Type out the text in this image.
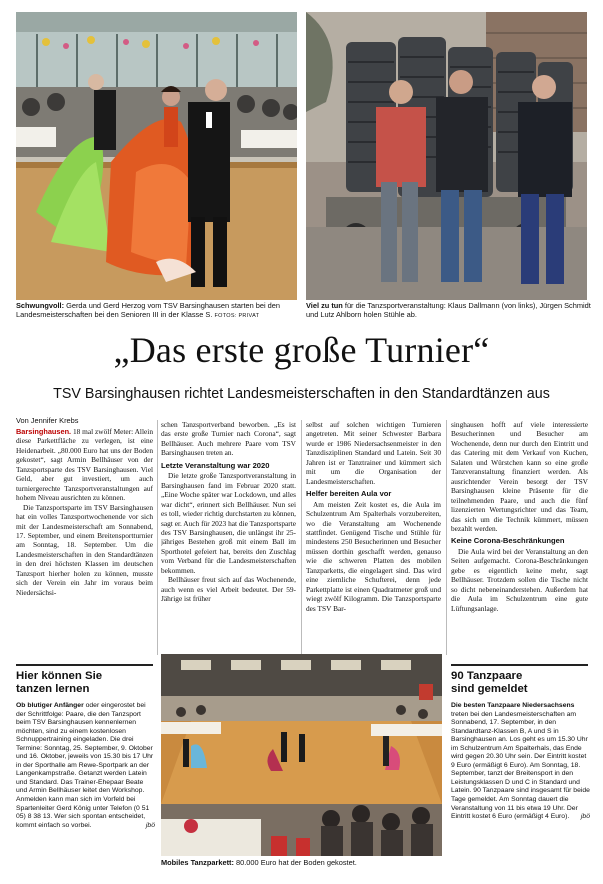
Schwungvoll: Gerda und Gerd Herzog vom TSV Barsinghausen starten bei den Landesmeisterschaften bei den Senioren III in der Klasse S. FOTOS: PRIVAT
Viel zu tun für die Tanzsportveranstaltung: Klaus Dallmann (von links), Jürgen Schmidt und Lutz Ahlborn holen Stühle ab.
„Das erste große Turnier“
TSV Barsinghausen richtet Landesmeisterschaften in den Standardtänzen aus
Von Jennifer Krebs

Barsinghausen. 18 mal zwölf Meter: Allein diese Parkettfläche zu verlegen, ist eine Heidenarbeit. „80.000 Euro hat uns der Boden gekostet“, sagt Armin Bellhäuser von der Tanzsportsparte des TSV Barsinghausen. Viel Geld, aber gut investiert, um auch turniergerechte Tanzsportveranstaltungen auf hohem Niveau ausrichten zu können.

Die Tanzsportsparte im TSV Barsinghausen hat ein volles Tanzsportwochenende vor sich mit der Landesmeisterschaft am Sonnabend, 17. September, und einem Breitensportturnier am Sonntag, 18. September. Um die Landesmeisterschaften in den Standardtänzen in den drei höchsten Klassen im deutschen Tanzsport hierher holen zu können, musste sich der Verein ein Jahr im voraus beim Niedersächsi-

schen Tanzsportverband beworben. „Es ist das erste große Turnier nach Corona“, sagt Bellhäuser. Auch mehrere Paare vom TSV Barsinghausen treten an.

Letzte Veranstaltung war 2020

Die letzte große Tanzsportveranstaltung in Barsinghausen fand im Februar 2020 statt. „Eine Woche später war Lockdown, und alles war dicht“, erinnert sich Bellhäuser. Nun sei es toll, wieder richtig durchstarten zu können, sagt er. Auch für 2023 hat die Tanzsportsparte des TSV Barsinghausen, die unlängst ihr 25-jähriges Bestehen groß mit einem Ball im Sporthotel gefeiert hat, bereits den Zuschlag vom Verband für die Landesmeisterschaften bekommen.

Bellhäuser freut sich auf das Wochenende, auch wenn es viel Arbeit bedeutet. Der 59-Jährige ist früher

selbst auf solchen wichtigen Turnieren angetreten. Mit seiner Schwester Barbara wurde er 1986 Niedersachsenmeister in den Tanzdisziplinen Standard und Latein. Seit 30 Jahren ist er Tanztrainer und kümmert sich mit um die Organisation der Landesmeisterschaften.

Helfer bereiten Aula vor

Am meisten Zeit kostet es, die Aula im Schulzentrum Am Spalterhals vorzubereiten, wo die Veranstaltung am Wochenende stattfindet. Genügend Tische und Stühle für mindestens 250 Besucherinnen und Besucher müssen dorthin geschafft werden, genauso wie die schweren Platten des mobilen Tanzparketts, die eingelagert sind. Das wird eine ziemliche Schufterei, denn jede Parkettplatte ist einen Quadratmeter groß und wiegt zwölf Kilogramm. Die Tanzsportsparte des TSV Bar-

singhausen hofft auf viele interessierte Besucherinnen und Besucher am Wochenende, denn nur durch den Eintritt und das Catering mit dem Verkauf von Kuchen, Salaten und Würstchen kann so eine große Tanzveranstaltung finanziert werden. Als ausrichtender Verein besorgt der TSV Barsinghausen kleine Präsente für die teilnehmenden Paare, und auch die fünf lizenzierten Wertungsrichter und das Team, das sich um die Technik kümmert, müssen bezahlt werden.

Keine Corona-Beschränkungen

Die Aula wird bei der Veranstaltung an den Seiten aufgemacht. Corona-Beschränkungen gebe es eigentlich keine mehr, sagt Bellhäuser. Trotzdem sollen die Tische nicht so dicht nebeneinanderstehen. Außerdem hat die Aula im Schulzentrum eine gute Lüftungsanlage.

Hier können Sie
tanzen lernen
Ob blutiger Anfänger oder eingerostet bei der Schrittfolge: Paare, die den Tanzsport beim TSV Barsinghausen kennenlernen möchten, sind zu einem kostenlosen Schnuppertraining eingeladen. Die drei Termine: Sonntag, 25. September, 9. Oktober und 16. Oktober, jeweils von 15.30 bis 17 Uhr in der Sporthalle am Rewe-Sportpark an der Langenkampstraße. Getanzt werden Latein und Standard. Das Trainer-Ehepaar Beate und Armin Bellhäuser leitet den Workshop. Anmelden kann man sich im Vorfeld bei Spartenleiter Gerd König unter Telefon (0 51 05) 8 38 13. Wer sich spontan entscheidet, kommt einfach so vorbei.	jbö
Mobiles Tanzparkett: 80.000 Euro hat der Boden gekostet.
90 Tanzpaare
sind gemeldet
Die besten Tanzpaare Niedersachsens treten bei den Landesmeisterschaften am Sonnabend, 17. September, in den Standardtanz-Klassen B, A und S in Barsinghausen an. Los geht es um 15.30 Uhr im Schulzentrum Am Spalterhals, das Ende wird gegen 20.30 Uhr sein. Der Eintritt kostet 9 Euro (ermäßigt 6 Euro). Am Sonntag, 18. September, tanzt der Breitensport in den Leistungsklassen D und C in Standard und Latein. 90 Tanzpaare sind insgesamt für beide Tage gemeldet. Am Sonntag dauert die Veranstaltung von 11 bis etwa 19 Uhr. Der Eintritt kostet 6 Euro (ermäßigt 4 Euro). jbö
